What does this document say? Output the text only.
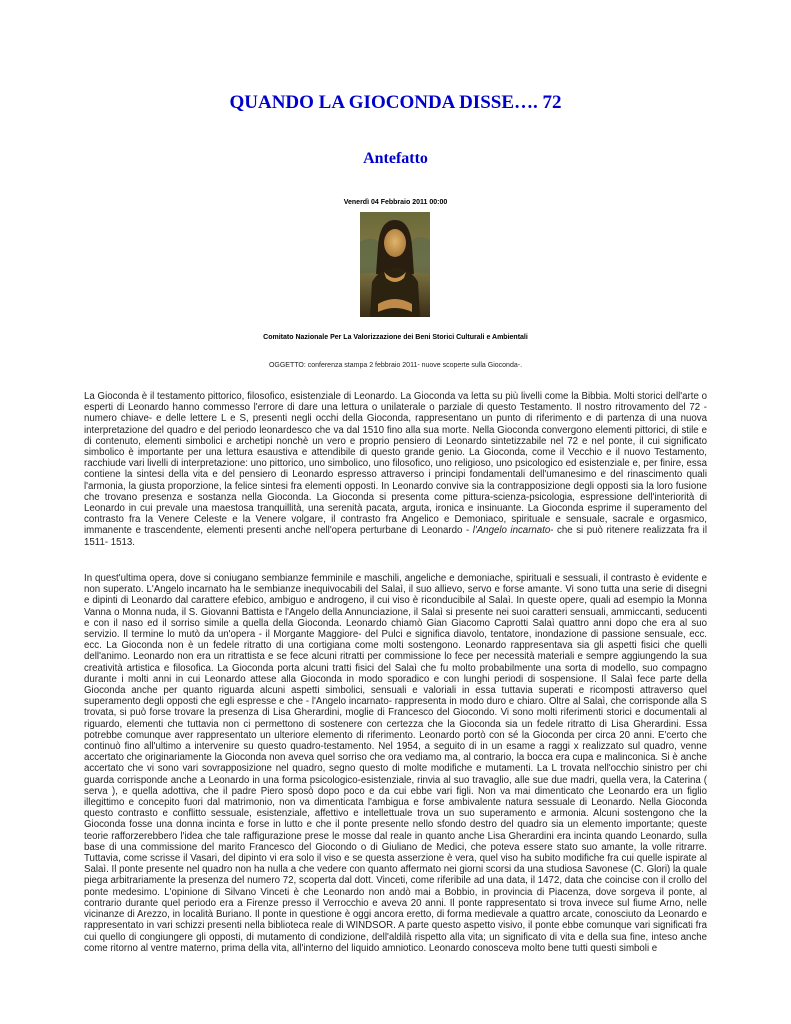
QUANDO LA GIOCONDA DISSE…. 72
Antefatto
Venerdì 04 Febbraio 2011 00:00
Comitato Nazionale Per La Valorizzazione dei Beni Storici Culturali e Ambientali
OGGETTO: conferenza stampa 2 febbraio 2011- nuove scoperte sulla Gioconda-.

La Gioconda è il testamento pittorico, filosofico, esistenziale di Leonardo. La Gioconda va letta su più livelli come la Bibbia. Molti storici dell'arte o esperti di Leonardo hanno commesso l'errore di dare una lettura o unilaterale o parziale di questo Testamento. Il nostro ritrovamento del 72 -numero chiave- e delle lettere L e S, presenti negli occhi della Gioconda, rappresentano un punto di riferimento e di partenza di una nuova interpretazione del quadro e del periodo leonardesco che va dal 1510 fino alla sua morte. Nella Gioconda convergono elementi pittorici, di stile e di contenuto, elementi simbolici e archetipi nonchè un vero e proprio pensiero di Leonardo sintetizzabile nel 72 e nel ponte, il cui significato simbolico è importante per una lettura esaustiva e attendibile di questo grande genio. La Gioconda, come il Vecchio e il nuovo Testamento, racchiude vari livelli di interpretazione: uno pittorico, uno simbolico, uno filosofico, uno religioso, uno psicologico ed esistenziale e, per finire, essa contiene la sintesi della vita e del pensiero di Leonardo espresso attraverso i principi fondamentali dell'umanesimo e del rinascimento quali l'armonia, la giusta proporzione, la felice sintesi fra elementi opposti. In Leonardo convive sia la contrapposizione degli opposti sia la loro fusione che trovano presenza e sostanza nella Gioconda. La Gioconda si presenta come pittura-scienza-psicologia, espressione dell'interiorità di Leonardo in cui prevale una maestosa tranquillità, una serenità pacata, arguta, ironica e insinuante. La Gioconda esprime il superamento del contrasto fra la Venere Celeste e la Venere volgare, il contrasto fra Angelico e Demoniaco, spirituale e sensuale, sacrale e orgasmico, immanente e trascendente, elementi presenti anche nell'opera perturbane di Leonardo - l'Angelo incarnato- che si può ritenere realizzata fra il 1511- 1513.

In quest'ultima opera, dove si coniugano sembianze femminile e maschili, angeliche e demoniache, spirituali e sessuali, il contrasto è evidente e non superato. L'Angelo incarnato ha le sembianze inequivocabili del Salaì, il suo allievo, servo e forse amante. Vi sono tutta una serie di disegni e dipinti di Leonardo dal carattere efebico, ambiguo e androgeno, il cui viso è riconducibile al Salaì. In queste opere, quali ad esempio la Monna Vanna o Monna nuda, il S. Giovanni Battista e l'Angelo della Annunciazione, il Salaì si presente nei suoi caratteri sensuali, ammiccanti, seducenti e con il naso ed il sorriso simile a quella della Gioconda. Leonardo chiamò Gian Giacomo Caprotti Salaì quattro anni dopo che era al suo servizio. Il termine lo mutò da un'opera - il Morgante Maggiore- del Pulci e significa diavolo, tentatore, inondazione di passione sensuale, ecc. ecc. La Gioconda non è un fedele ritratto di una cortigiana come molti sostengono. Leonardo rappresentava sia gli aspetti fisici che quelli dell'animo. Leonardo non era un ritrattista e se fece alcuni ritratti per commissione lo fece per necessità materiali e sempre aggiungendo la sua creatività artistica e filosofica. La Gioconda porta alcuni tratti fisici del Salaì che fu molto probabilmente una sorta di modello, suo compagno durante i molti anni in cui Leonardo attese alla Gioconda in modo sporadico e con lunghi periodi di sospensione. Il Salaì fece parte della Gioconda anche per quanto riguarda alcuni aspetti simbolici, sensuali e valoriali in essa tuttavia superati e ricomposti attraverso quel superamento degli opposti che egli espresse e che - l'Angelo incarnato- rappresenta in modo duro e chiaro. Oltre al Salaì, che corrisponde alla S trovata, si può forse trovare la presenza di Lisa Gherardini, moglie di Francesco del Giocondo. Vi sono molti riferimenti storici e documentali al riguardo, elementi che tuttavia non ci permettono di sostenere con certezza che la Gioconda sia un fedele ritratto di Lisa Gherardini. Essa potrebbe comunque aver rappresentato un ulteriore elemento di riferimento. Leonardo portò con sé la Gioconda per circa 20 anni. E'certo che continuò fino all'ultimo a intervenire su questo quadro-testamento. Nel 1954, a seguito di in un esame a raggi x realizzato sul quadro, venne accertato che originariamente la Gioconda non aveva quel sorriso che ora vediamo ma, al contrario, la bocca era cupa e malinconica. Si è anche accertato che vi sono vari sovrapposizione nel quadro, segno questo di molte modifiche e mutamenti. La L trovata nell'occhio sinistro per chi guarda corrisponde anche a Leonardo in una forma psicologico-esistenziale, rinvia al suo travaglio, alle sue due madri, quella vera, la Caterina ( serva ), e quella adottiva, che il padre Piero sposò dopo poco e da cui ebbe vari figli. Non va mai dimenticato che Leonardo era un figlio illegittimo e concepito fuori dal matrimonio, non va dimenticata l'ambigua e forse ambivalente natura sessuale di Leonardo. Nella Gioconda questo contrasto e conflitto sessuale, esistenziale, affettivo e intellettuale trova un suo superamento e armonia. Alcuni sostengono che la Gioconda fosse una donna incinta e forse in lutto e che il ponte presente nello sfondo destro del quadro sia un elemento importante; queste teorie rafforzerebbero l'idea che tale raffigurazione prese le mosse dal reale in quanto anche Lisa Gherardini era incinta quando Leonardo, sulla base di una commissione del marito Francesco del Giocondo o di Giuliano de Medici, che poteva essere stato suo amante, la volle ritrarre. Tuttavia, come scrisse il Vasari, del dipinto vi era solo il viso e se questa asserzione è vera, quel viso ha subito modifiche fra cui quelle ispirate al Salaì. Il ponte presente nel quadro non ha nulla a che vedere con quanto affermato nei giorni scorsi da una studiosa Savonese (C. Glori) la quale piega arbitrariamente la presenza del numero 72, scoperta dal dott. Vinceti, come riferibile ad una data, il 1472, data che coincise con il crollo del ponte medesimo. L'opinione di Silvano Vinceti è che Leonardo non andò mai a Bobbio, in provincia di Piacenza, dove sorgeva il ponte, al contrario durante quel periodo era a Firenze presso il Verrocchio e aveva 20 anni. Il ponte rappresentato si trova invece sul fiume Arno, nelle vicinanze di Arezzo, in località Buriano. Il ponte in questione è oggi ancora eretto, di forma medievale a quattro arcate, conosciuto da Leonardo e rappresentato in vari schizzi presenti nella biblioteca reale di WINDSOR. A parte questo aspetto visivo, il ponte ebbe comunque vari significati fra cui quello di congiungere gli opposti, di mutamento di condizione, dell'aldilà rispetto alla vita; un significato di vita e della sua fine, inteso anche come ritorno al ventre materno, prima della vita, all'interno del liquido amniotico. Leonardo conosceva molto bene tutti questi simboli e
